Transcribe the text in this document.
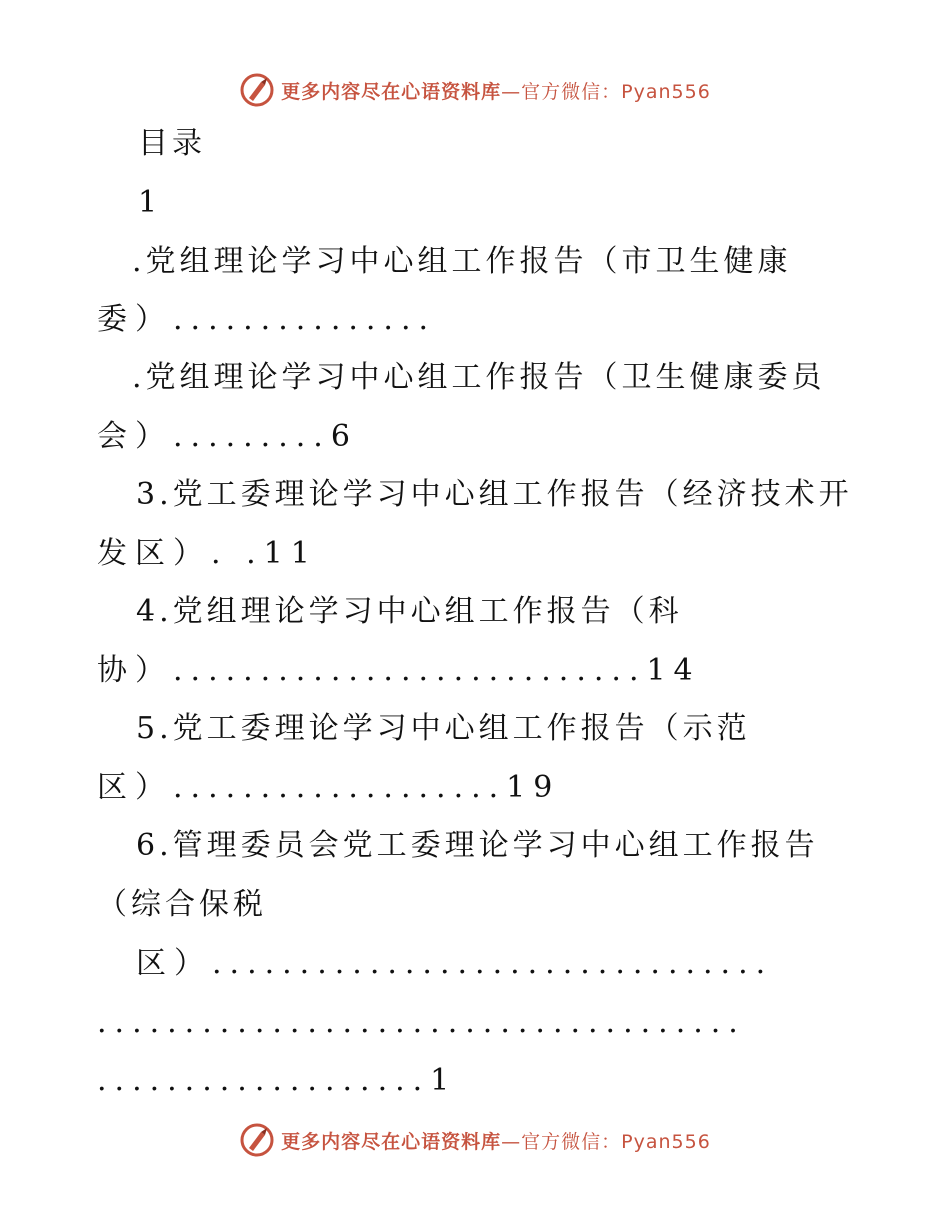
更多内容尽在心语资料库—官方微信：Pyan556
目录
1
.党组理论学习中心组工作报告（市卫生健康
委）...............
.党组理论学习中心组工作报告（卫生健康委员
会）.........6
3.党工委理论学习中心组工作报告（经济技术开
发区）. .11
4.党组理论学习中心组工作报告（科
协）...........................14
5.党工委理论学习中心组工作报告（示范
区）...................19
6.管理委员会党工委理论学习中心组工作报告
（综合保税
区）................................
.....................................
...................1
更多内容尽在心语资料库—官方微信：Pyan556
